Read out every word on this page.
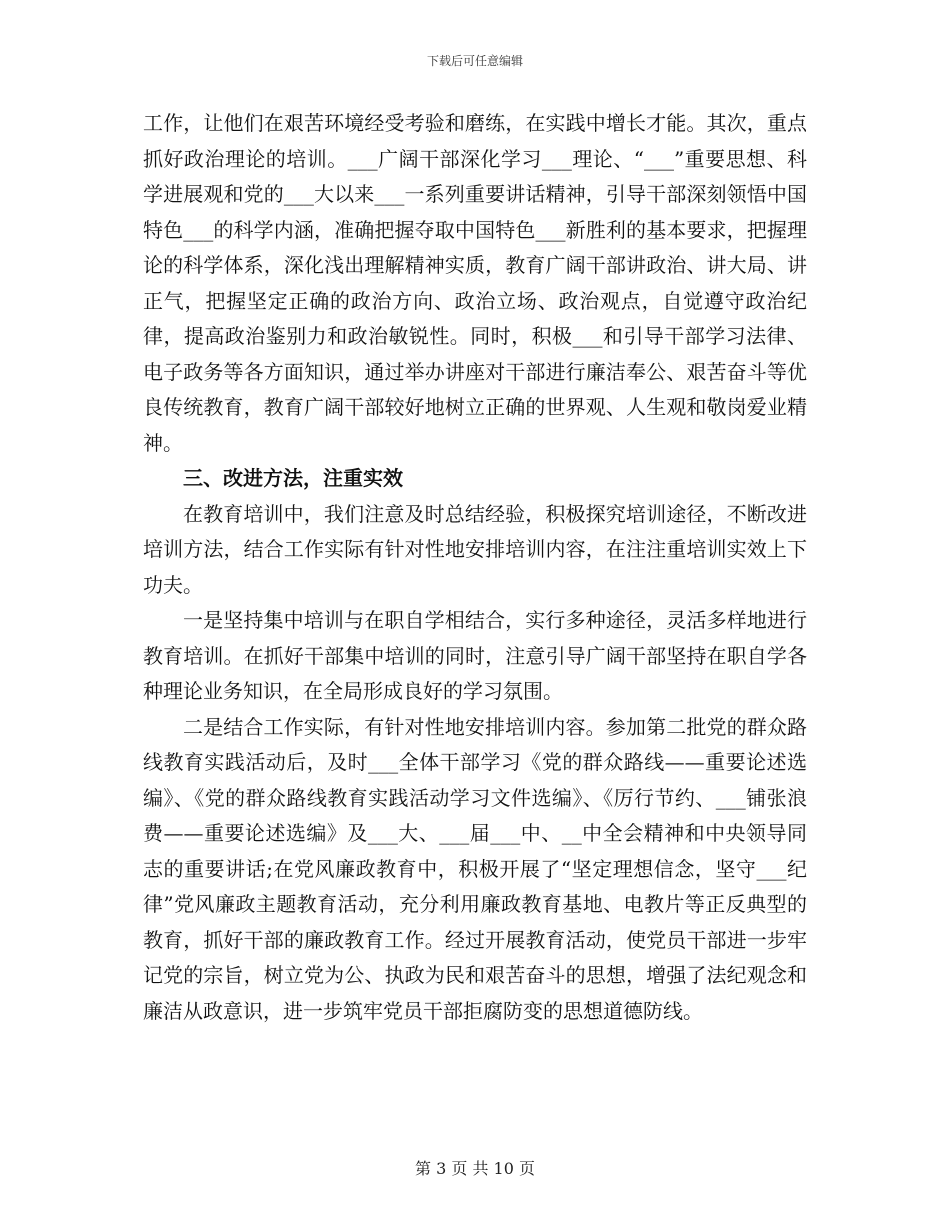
下载后可任意编辑

工作，让他们在艰苦环境经受考验和磨练，在实践中增长才能。其次，重点抓好政治理论的培训。___广阔干部深化学习___理论、“___”重要思想、科学进展观和党的___大以来___一系列重要讲话精神，引导干部深刻领悟中国特色___的科学内涵，准确把握夺取中国特色___新胜利的基本要求，把握理论的科学体系，深化浅出理解精神实质，教育广阔干部讲政治、讲大局、讲正气，把握坚定正确的政治方向、政治立场、政治观点，自觉遵守政治纪律，提高政治鉴别力和政治敏锐性。同时，积极___和引导干部学习法律、电子政务等各方面知识，通过举办讲座对干部进行廉洁奉公、艰苦奋斗等优良传统教育，教育广阔干部较好地树立正确的世界观、人生观和敬岗爱业精神。

三、改进方法，注重实效

在教育培训中，我们注意及时总结经验，积极探究培训途径，不断改进培训方法，结合工作实际有针对性地安排培训内容，在注注重培训实效上下功夫。

一是坚持集中培训与在职自学相结合，实行多种途径，灵活多样地进行教育培训。在抓好干部集中培训的同时，注意引导广阔干部坚持在职自学各种理论业务知识，在全局形成良好的学习氛围。

二是结合工作实际，有针对性地安排培训内容。参加第二批党的群众路线教育实践活动后，及时___全体干部学习《党的群众路线——重要论述选编》、《党的群众路线教育实践活动学习文件选编》、《厉行节约、___铺张浪费——重要论述选编》及___大、___届___中、__中全会精神和中央领导同志的重要讲话;在党风廉政教育中，积极开展了“坚定理想信念，坚守___纪律”党风廉政主题教育活动，充分利用廉政教育基地、电教片等正反典型的教育，抓好干部的廉政教育工作。经过开展教育活动，使党员干部进一步牢记党的宗旨，树立党为公、执政为民和艰苦奋斗的思想，增强了法纪观念和廉洁从政意识，进一步筑牢党员干部拒腐防变的思想道德防线。

第 3 页 共 10 页
